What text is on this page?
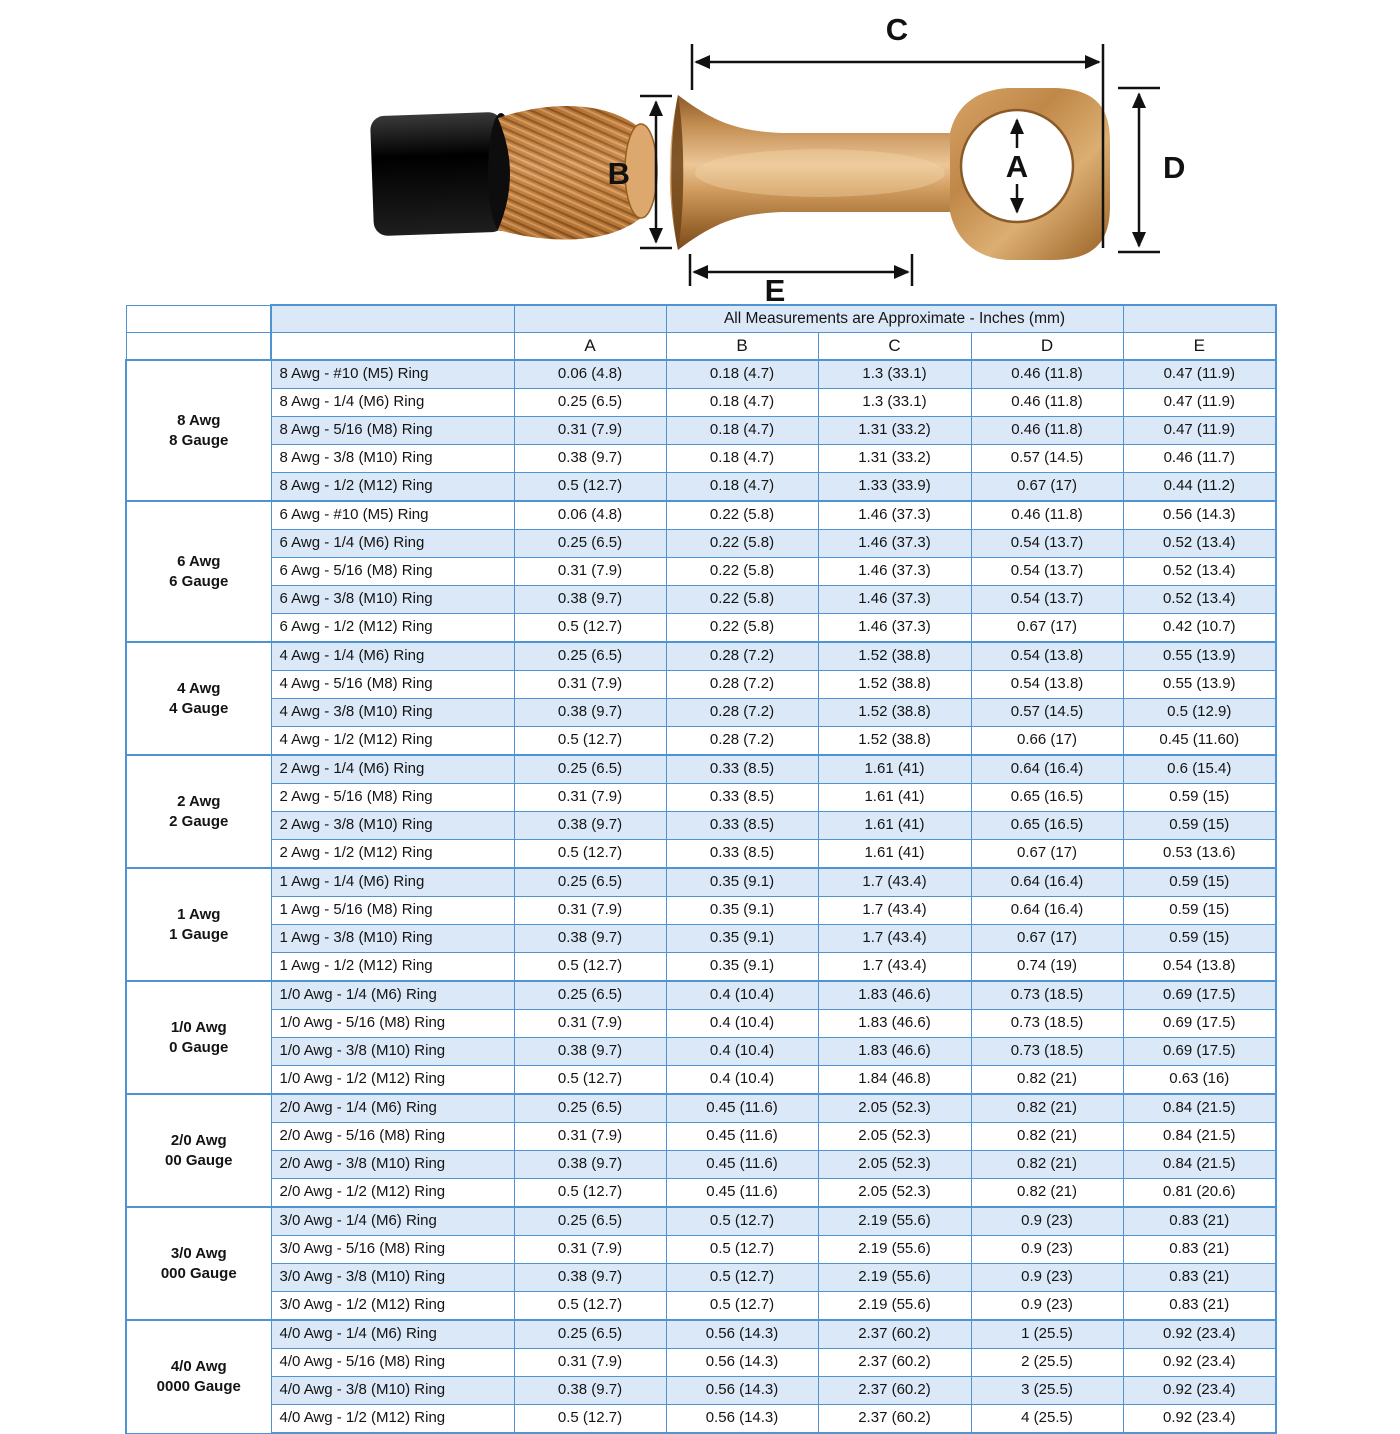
C
B	A	D
E
			All Measurements are Approximate - Inches (mm)			
		A	B	C	D	E

8 Awg
8 Gauge	8 Awg - #10 (M5) Ring	0.06 (4.8)	0.18 (4.7)	1.3 (33.1)	0.46 (11.8)	0.47 (11.9)
	8 Awg - 1/4 (M6) Ring	0.25 (6.5)	0.18 (4.7)	1.3 (33.1)	0.46 (11.8)	0.47 (11.9)
	8 Awg - 5/16 (M8) Ring	0.31 (7.9)	0.18 (4.7)	1.31 (33.2)	0.46 (11.8)	0.47 (11.9)
	8 Awg - 3/8 (M10) Ring	0.38 (9.7)	0.18 (4.7)	1.31 (33.2)	0.57 (14.5)	0.46 (11.7)
	8 Awg - 1/2 (M12) Ring	0.5 (12.7)	0.18 (4.7)	1.33 (33.9)	0.67 (17)	0.44 (11.2)

6 Awg
6 Gauge	6 Awg - #10 (M5) Ring	0.06 (4.8)	0.22 (5.8)	1.46 (37.3)	0.46 (11.8)	0.56 (14.3)
	6 Awg - 1/4 (M6) Ring	0.25 (6.5)	0.22 (5.8)	1.46 (37.3)	0.54 (13.7)	0.52 (13.4)
	6 Awg - 5/16 (M8) Ring	0.31 (7.9)	0.22 (5.8)	1.46 (37.3)	0.54 (13.7)	0.52 (13.4)
	6 Awg - 3/8 (M10) Ring	0.38 (9.7)	0.22 (5.8)	1.46 (37.3)	0.54 (13.7)	0.52 (13.4)
	6 Awg - 1/2 (M12) Ring	0.5 (12.7)	0.22 (5.8)	1.46 (37.3)	0.67 (17)	0.42 (10.7)

4 Awg
4 Gauge	4 Awg - 1/4 (M6) Ring	0.25 (6.5)	0.28 (7.2)	1.52 (38.8)	0.54 (13.8)	0.55 (13.9)
	4 Awg - 5/16 (M8) Ring	0.31 (7.9)	0.28 (7.2)	1.52 (38.8)	0.54 (13.8)	0.55 (13.9)
	4 Awg - 3/8 (M10) Ring	0.38 (9.7)	0.28 (7.2)	1.52 (38.8)	0.57 (14.5)	0.5 (12.9)
	4 Awg - 1/2 (M12) Ring	0.5 (12.7)	0.28 (7.2)	1.52 (38.8)	0.66 (17)	0.45 (11.60)

2 Awg
2 Gauge	2 Awg - 1/4 (M6) Ring	0.25 (6.5)	0.33 (8.5)	1.61 (41)	0.64 (16.4)	0.6 (15.4)
	2 Awg - 5/16 (M8) Ring	0.31 (7.9)	0.33 (8.5)	1.61 (41)	0.65 (16.5)	0.59 (15)
	2 Awg - 3/8 (M10) Ring	0.38 (9.7)	0.33 (8.5)	1.61 (41)	0.65 (16.5)	0.59 (15)
	2 Awg - 1/2 (M12) Ring	0.5 (12.7)	0.33 (8.5)	1.61 (41)	0.67 (17)	0.53 (13.6)

1 Awg
1 Gauge	1 Awg - 1/4 (M6) Ring	0.25 (6.5)	0.35 (9.1)	1.7 (43.4)	0.64 (16.4)	0.59 (15)
	1 Awg - 5/16 (M8) Ring	0.31 (7.9)	0.35 (9.1)	1.7 (43.4)	0.64 (16.4)	0.59 (15)
	1 Awg - 3/8 (M10) Ring	0.38 (9.7)	0.35 (9.1)	1.7 (43.4)	0.67 (17)	0.59 (15)
	1 Awg - 1/2 (M12) Ring	0.5 (12.7)	0.35 (9.1)	1.7 (43.4)	0.74 (19)	0.54 (13.8)

1/0 Awg
0 Gauge	1/0 Awg - 1/4 (M6) Ring	0.25 (6.5)	0.4 (10.4)	1.83 (46.6)	0.73 (18.5)	0.69 (17.5)
	1/0 Awg - 5/16 (M8) Ring	0.31 (7.9)	0.4 (10.4)	1.83 (46.6)	0.73 (18.5)	0.69 (17.5)
	1/0 Awg - 3/8 (M10) Ring	0.38 (9.7)	0.4 (10.4)	1.83 (46.6)	0.73 (18.5)	0.69 (17.5)
	1/0 Awg - 1/2 (M12) Ring	0.5 (12.7)	0.4 (10.4)	1.84 (46.8)	0.82 (21)	0.63 (16)

2/0 Awg
00 Gauge	2/0 Awg - 1/4 (M6) Ring	0.25 (6.5)	0.45 (11.6)	2.05 (52.3)	0.82 (21)	0.84 (21.5)
	2/0 Awg - 5/16 (M8) Ring	0.31 (7.9)	0.45 (11.6)	2.05 (52.3)	0.82 (21)	0.84 (21.5)
	2/0 Awg - 3/8 (M10) Ring	0.38 (9.7)	0.45 (11.6)	2.05 (52.3)	0.82 (21)	0.84 (21.5)
	2/0 Awg - 1/2 (M12) Ring	0.5 (12.7)	0.45 (11.6)	2.05 (52.3)	0.82 (21)	0.81 (20.6)

3/0 Awg
000 Gauge	3/0 Awg - 1/4 (M6) Ring	0.25 (6.5)	0.5 (12.7)	2.19 (55.6)	0.9 (23)	0.83 (21)
	3/0 Awg - 5/16 (M8) Ring	0.31 (7.9)	0.5 (12.7)	2.19 (55.6)	0.9 (23)	0.83 (21)
	3/0 Awg - 3/8 (M10) Ring	0.38 (9.7)	0.5 (12.7)	2.19 (55.6)	0.9 (23)	0.83 (21)
	3/0 Awg - 1/2 (M12) Ring	0.5 (12.7)	0.5 (12.7)	2.19 (55.6)	0.9 (23)	0.83 (21)

4/0 Awg
0000 Gauge	4/0 Awg - 1/4 (M6) Ring	0.25 (6.5)	0.56 (14.3)	2.37 (60.2)	1 (25.5)	0.92 (23.4)
	4/0 Awg - 5/16 (M8) Ring	0.31 (7.9)	0.56 (14.3)	2.37 (60.2)	2 (25.5)	0.92 (23.4)
	4/0 Awg - 3/8 (M10) Ring	0.38 (9.7)	0.56 (14.3)	2.37 (60.2)	3 (25.5)	0.92 (23.4)
	4/0 Awg - 1/2 (M12) Ring	0.5 (12.7)	0.56 (14.3)	2.37 (60.2)	4 (25.5)	0.92 (23.4)
